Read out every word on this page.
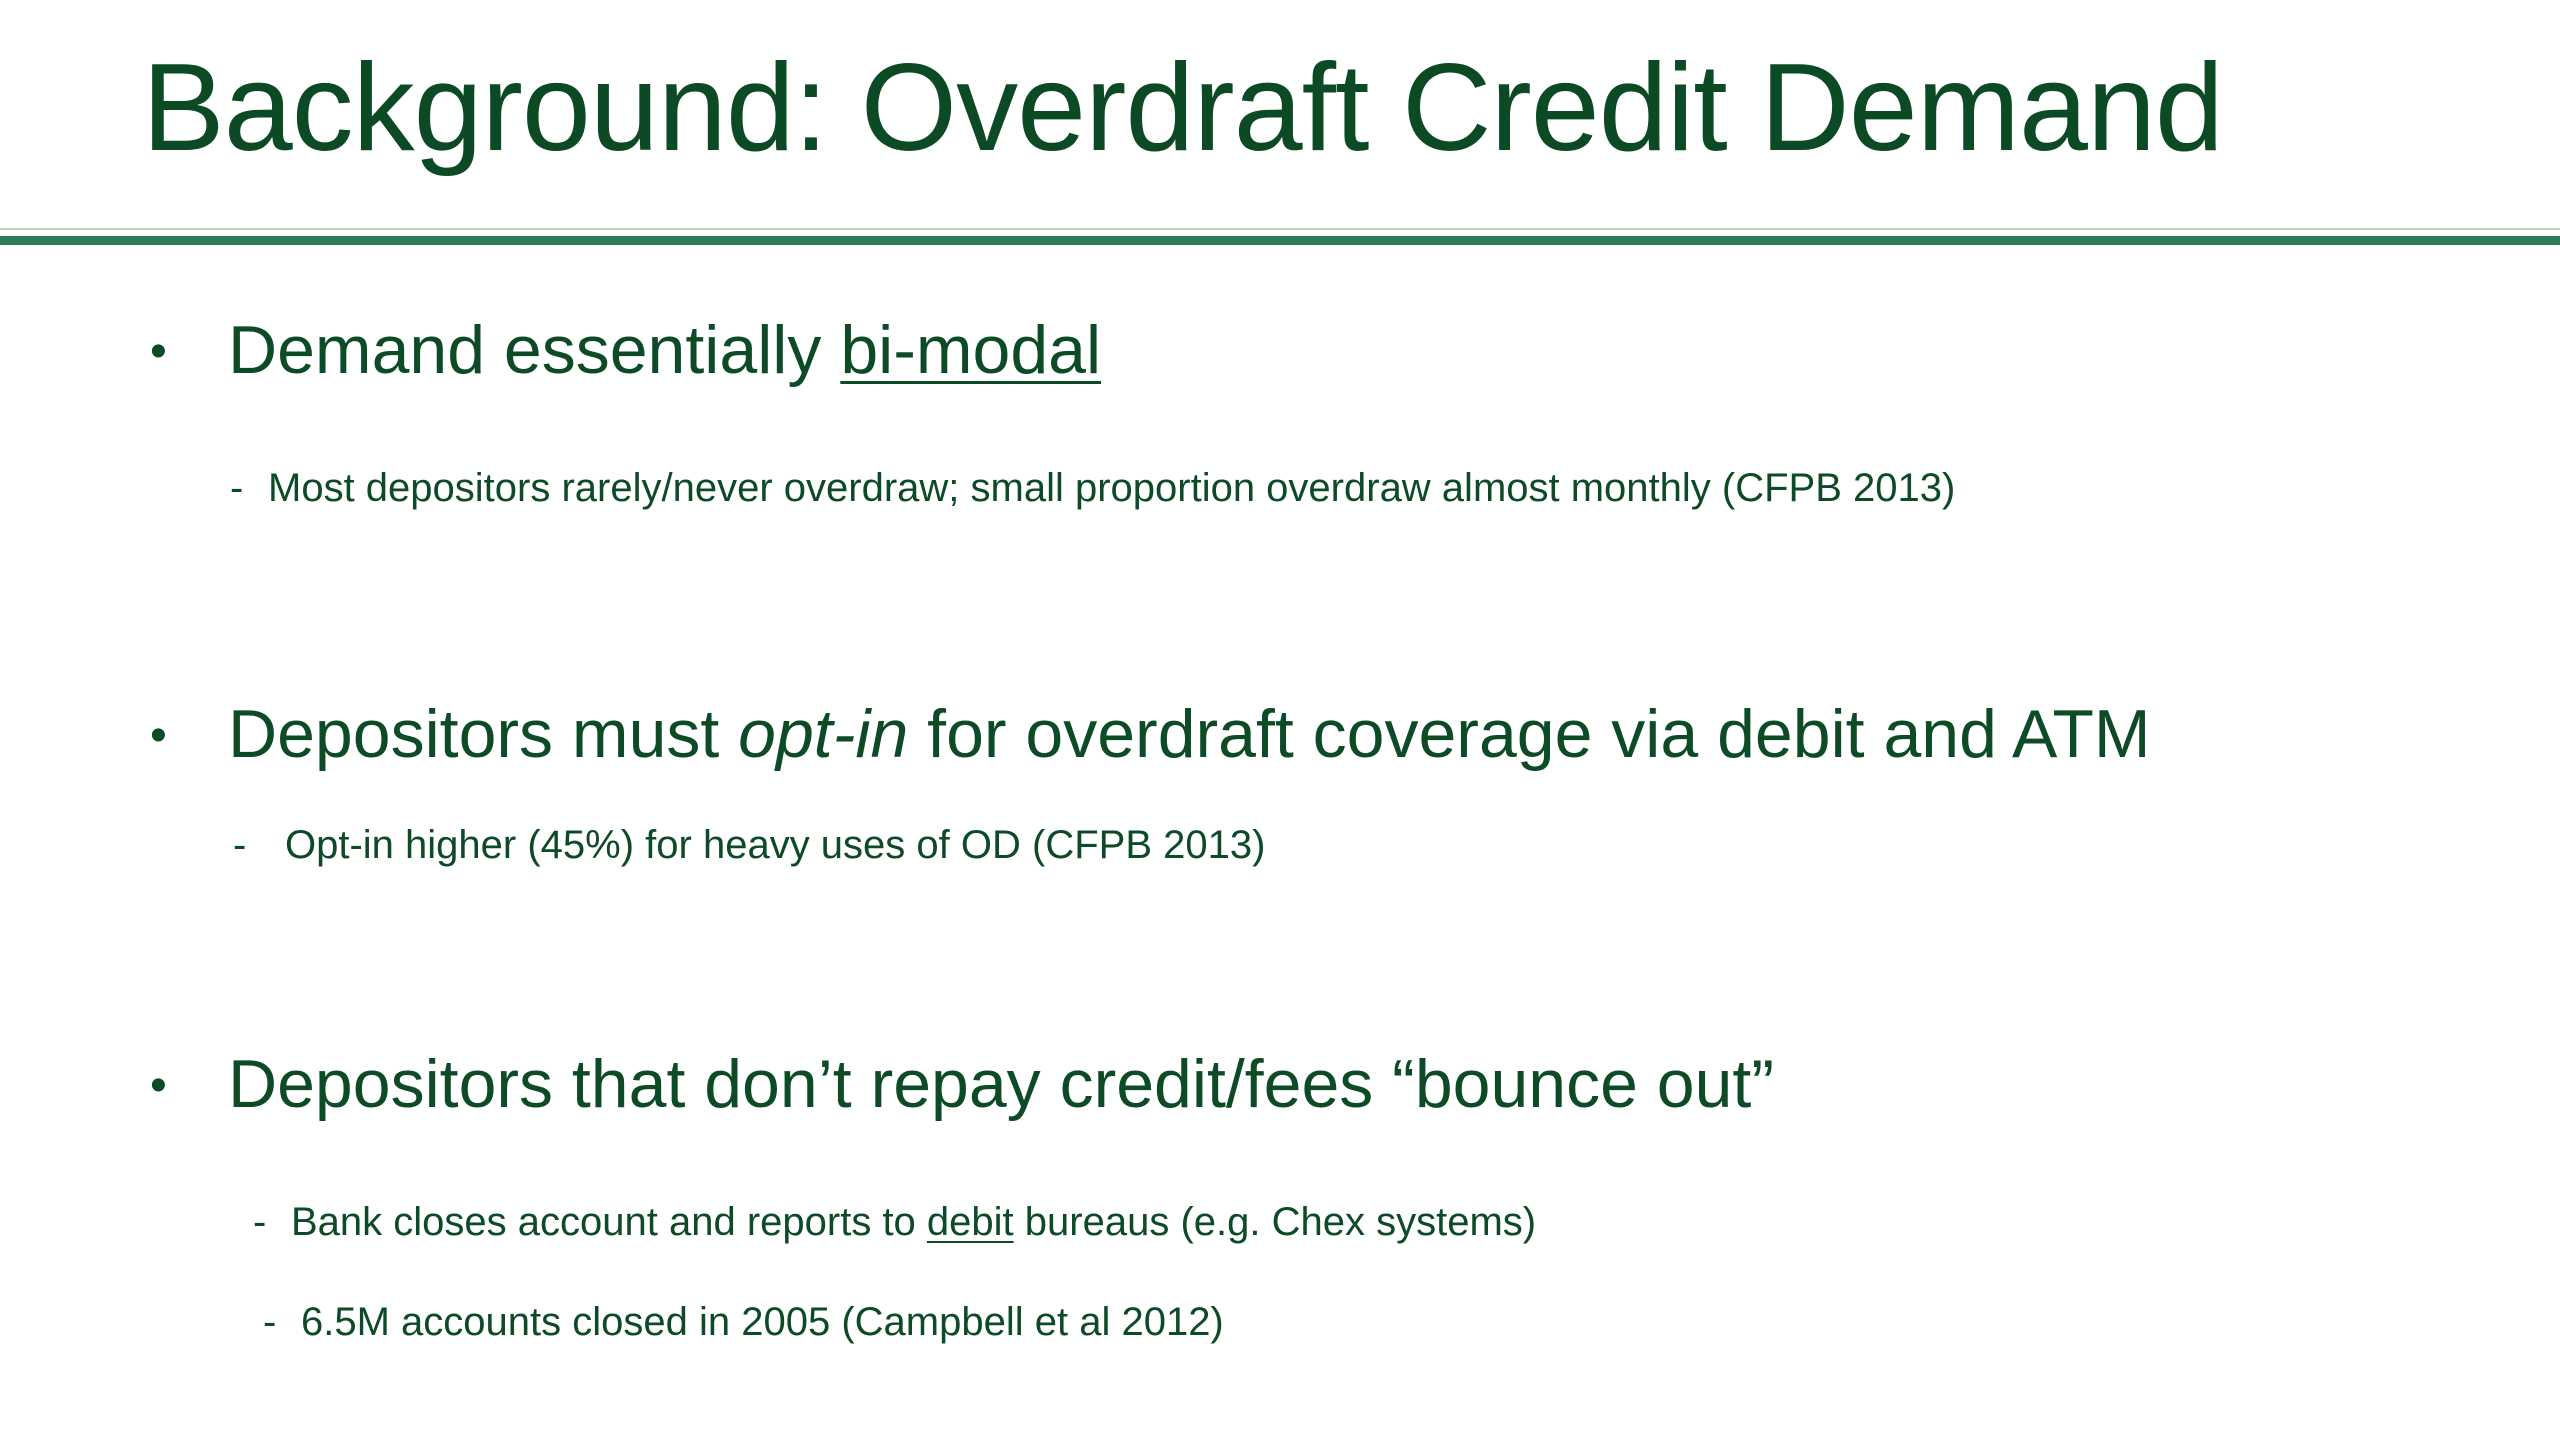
Background: Overdraft Credit Demand
• Demand essentially bi-modal
- Most depositors rarely/never overdraw; small proportion overdraw almost monthly (CFPB 2013)
• Depositors must opt-in for overdraft coverage via debit and ATM
- Opt-in higher (45%) for heavy uses of OD (CFPB 2013)
• Depositors that don’t repay credit/fees “bounce out”
- Bank closes account and reports to debit bureaus (e.g. Chex systems)
- 6.5M accounts closed in 2005 (Campbell et al 2012)
